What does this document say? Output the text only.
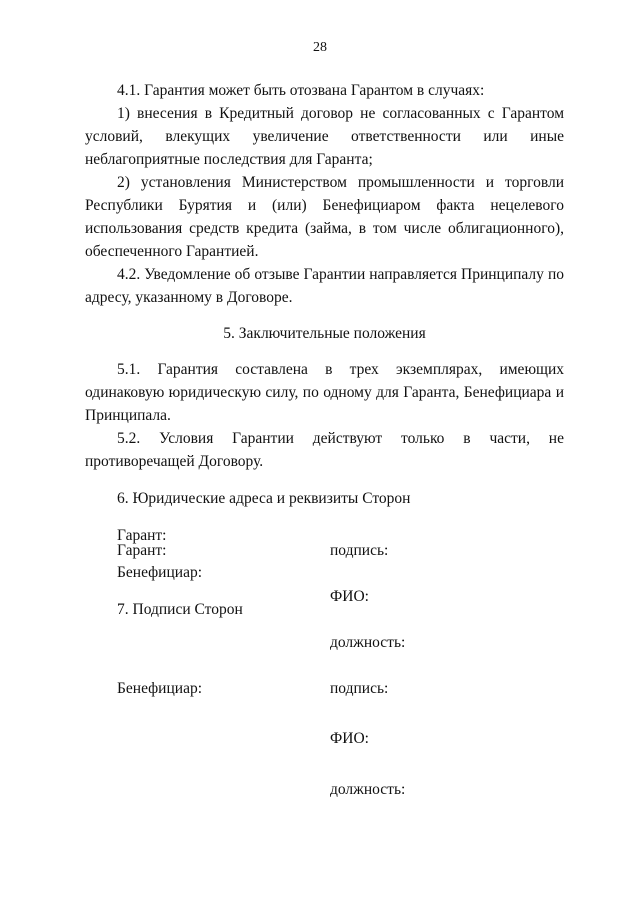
28

4.1. Гарантия может быть отозвана Гарантом в случаях:

1) внесения в Кредитный договор не согласованных с Гарантом условий, влекущих увеличение ответственности или иные неблагоприятные последствия для Гаранта;

2) установления Министерством промышленности и торговли Республики Бурятия и (или) Бенефициаром факта нецелевого использования средств кредита (займа, в том числе облигационного), обеспеченного Гарантией.

4.2. Уведомление об отзыве Гарантии направляется Принципалу по адресу, указанному в Договоре.

5. Заключительные положения

5.1. Гарантия составлена в трех экземплярах, имеющих одинаковую юридическую силу, по одному для Гаранта, Бенефициара и Принципала.

5.2. Условия Гарантии действуют только в части, не противоречащей Договору.

6. Юридические адреса и реквизиты Сторон

Гарант:

Бенефициар:

7. Подписи Сторон

Гарант:	подпись:
ФИО:
должность:
Бенефициар:	подпись:
ФИО:
должность:
